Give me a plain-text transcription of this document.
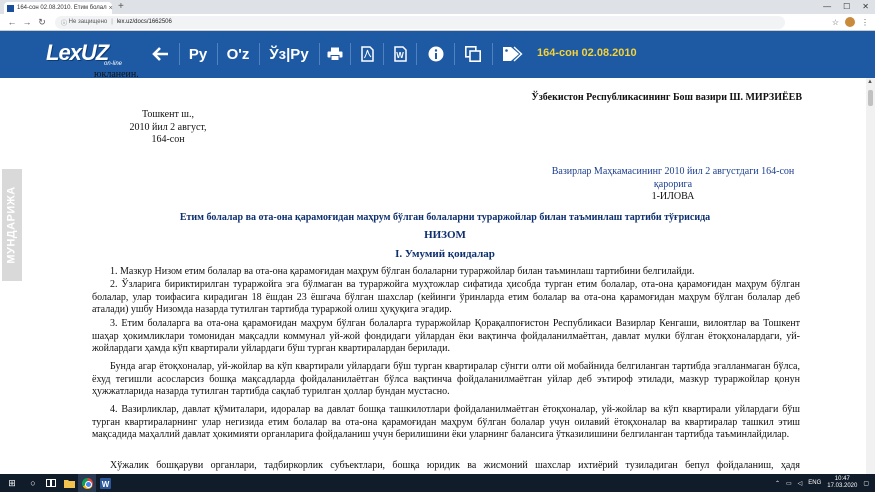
164-сон 02.08.2010. Етим болал × +	— ☐ ✕
← → ↻	ⓘ Не защищено | lex.uz/docs/1662506	☆	⋮
LexUZ
on-line
Ру	O'z	Ўз|Ру	W	164-сон 02.08.2010
МУНДАРИЖА

юкланеин.

Ўзбекистон Республикасининг Бош вазири Ш. МИРЗИЁЕВ

Тошкент ш.,
2010 йил 2 август,
164-сон

Вазирлар Маҳкамасининг 2010 йил 2 августдаги 164-сон
қарорига
1-ИЛОВА

Етим болалар ва ота-она қарамоғидан маҳрум бўлган болаларни тураржойлар билан таъминлаш тартиби тўғрисида

НИЗОМ

I. Умумий қоидалар

1. Мазкур Низом етим болалар ва ота-она қарамоғидан маҳрум бўлган болаларни тураржойлар билан таъминлаш тартибини белгилайди.

2. Ўзларига бириктирилган тураржойга эга бўлмаган ва тураржойга муҳтожлар сифатида ҳисобда турган етим болалар, ота-она қарамоғидан маҳрум бўлган болалар, улар тоифасига кирадиган 18 ёшдан 23 ёшгача бўлган шахслар (кейинги ўринларда етим болалар ва ота-она қарамоғидан маҳрум бўлган болалар деб аталади) ушбу Низомда назарда тутилган тартибда тураржой олиш ҳуқуқига эгадир.

3. Етим болаларга ва ота-она қарамоғидан маҳрум бўлган болаларга тураржойлар Қорақалпоғистон Республикаси Вазирлар Кенгаши, вилоятлар ва Тошкент шаҳар ҳокимликлари томонидан мақсадли коммунал уй-жой фондидаги уйлардан ёки вақтинча фойдаланилмаётган, давлат мулки бўлган ётоқхоналардаги, уй-жойлардаги ҳамда кўп квартирали уйлардаги бўш турган квартиралардан берилади.

Бунда агар ётоқхоналар, уй-жойлар ва кўп квартирали уйлардаги бўш турган квартиралар сўнгги олти ой мобайнида белгиланган тартибда эгалланмаган бўлса, ёхуд тегишли асосларсиз бошқа мақсадларда фойдаланилаётган бўлса вақтинча фойдаланилмаётган уйлар деб эътироф этилади, мазкур тураржойлар қонун ҳужжатларида назарда тутилган тартибда сақлаб турилган ҳоллар бундан мустасно.

4. Вазирликлар, давлат қўмиталари, идоралар ва давлат бошқа ташкилотлари фойдаланилмаётган ётоқхоналар, уй-жойлар ва кўп квартирали уйлардаги бўш турган квартираларнинг улар негизида етим болалар ва ота-она қарамоғидан маҳрум бўлган болалар учун оилавий ётоқхоналар ва квартиралар ташкил этиш мақсадида маҳаллий давлат ҳокимияти органларига фойдаланиш учун берилишини ёки уларнинг балансига ўтказилишини белгиланган тартибда таъминлайдилар.

Хўжалик бошқаруви органлари, тадбиркорлик субъектлари, бошқа юридик ва жисмоний шахслар ихтиёрий тузиладиган бепул фойдаланиш, ҳадя

▲
⊞	○	W	⌃ ▭ ◁ ENG
10:47
17.03.2020 ▢
